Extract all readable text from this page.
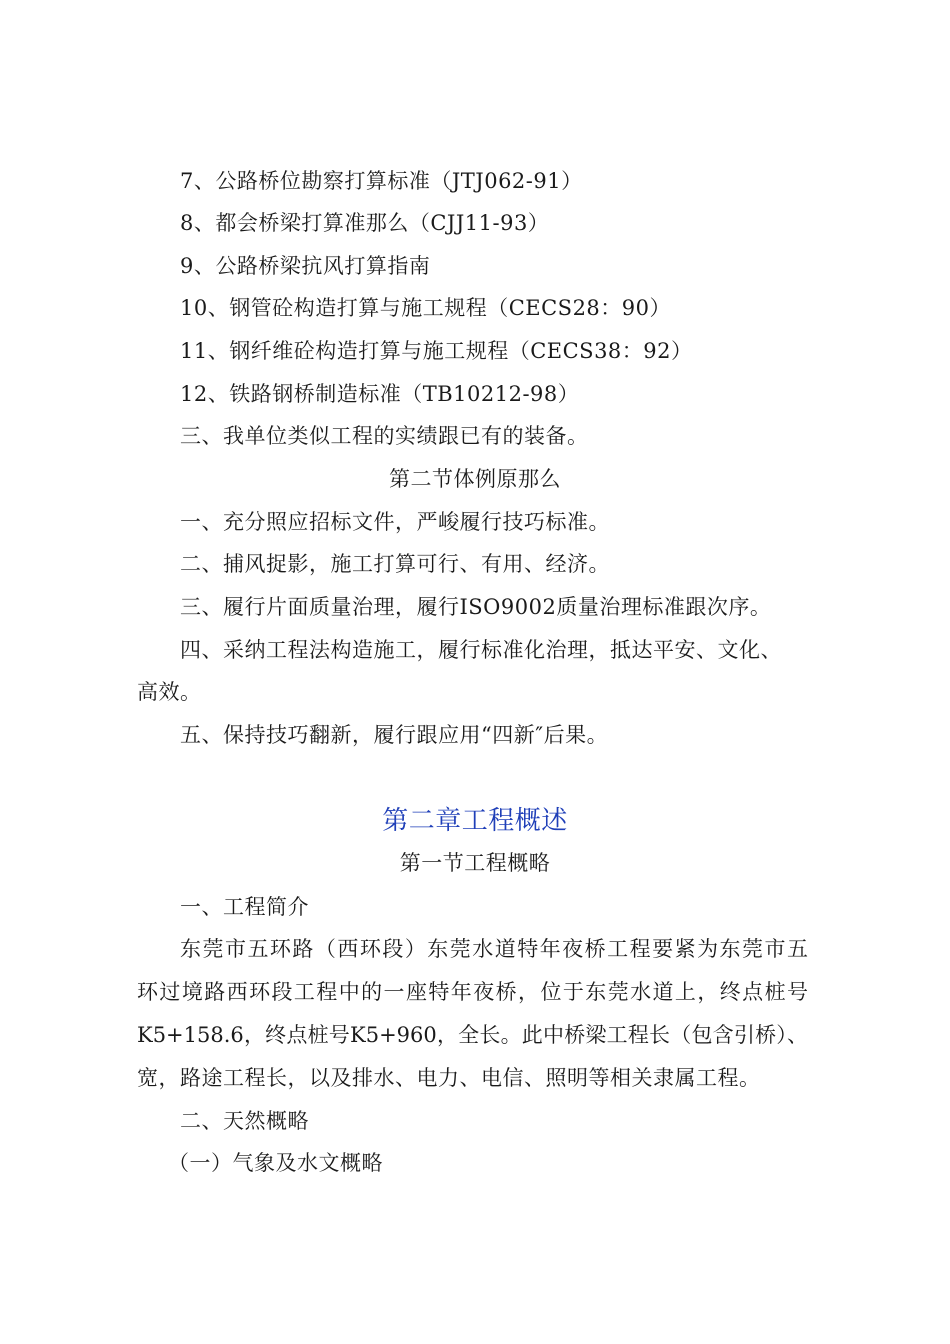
7、公路桥位勘察打算标准（JTJ062-91）
8、都会桥梁打算准那么（CJJ11-93）
9、公路桥梁抗风打算指南
10、钢管砼构造打算与施工规程（CECS28：90）
11、钢纤维砼构造打算与施工规程（CECS38：92）
12、铁路钢桥制造标准（TB10212-98）
三、我单位类似工程的实绩跟已有的装备。
第二节体例原那么
一、充分照应招标文件，严峻履行技巧标准。
二、捕风捉影，施工打算可行、有用、经济。
三、履行片面质量治理，履行ISO9002质量治理标准跟次序。
四、采纳工程法构造施工，履行标准化治理，抵达平安、文化、
高效。
五、保持技巧翻新，履行跟应用“四新″后果。
第二章工程概述
第一节工程概略
一、工程简介
东莞市五环路（西环段）东莞水道特年夜桥工程要紧为东莞市五
环过境路西环段工程中的一座特年夜桥，位于东莞水道上，终点桩号
K5+158.6，终点桩号K5+960，全长。此中桥梁工程长（包含引桥）、
宽，路途工程长，以及排水、电力、电信、照明等相关隶属工程。
二、天然概略
（一）气象及水文概略
